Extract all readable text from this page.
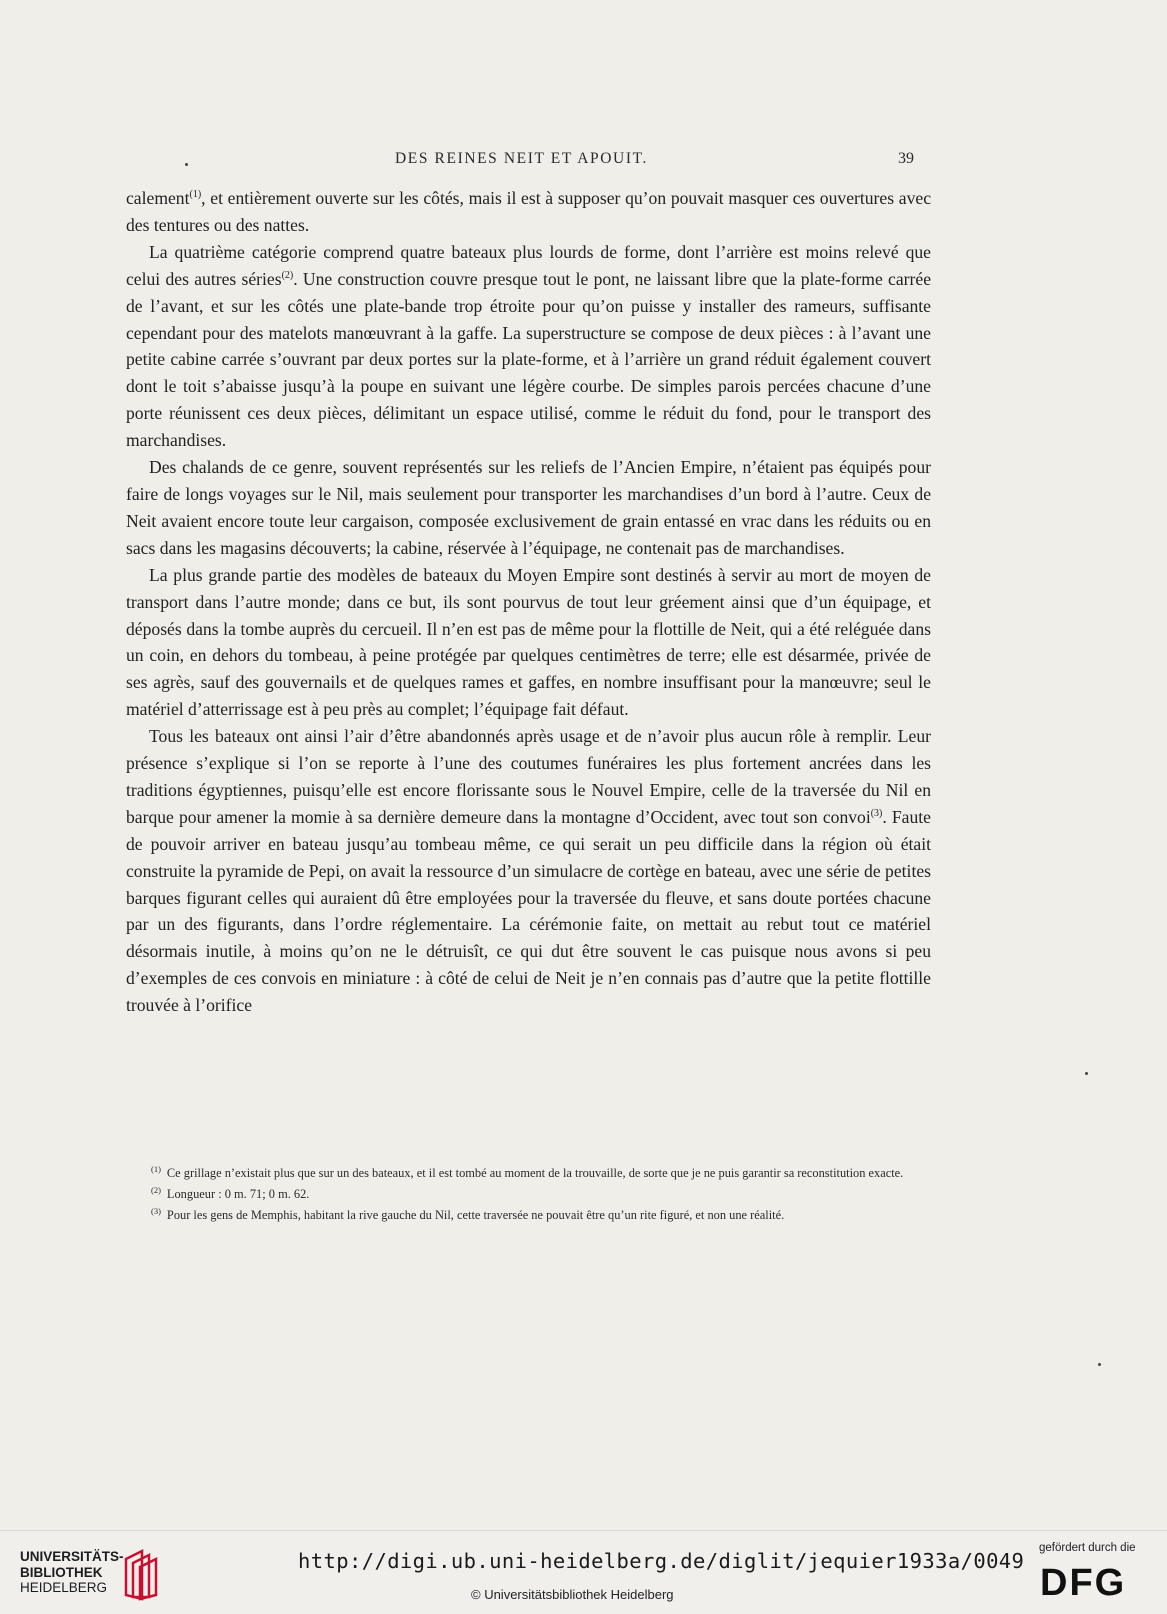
DES REINES NEIT ET APOUIT.	39

calement$^{(1)}$, et entièrement ouverte sur les côtés, mais il est à supposer qu’on pouvait masquer ces ouvertures avec des tentures ou des nattes.

La quatrième catégorie comprend quatre bateaux plus lourds de forme, dont l’arrière est moins relevé que celui des autres séries$^{(2)}$. Une construction couvre presque tout le pont, ne laissant libre que la plate-forme carrée de l’avant, et sur les côtés une plate-bande trop étroite pour qu’on puisse y installer des rameurs, suffisante cependant pour des matelots manœuvrant à la gaffe. La superstructure se compose de deux pièces : à l’avant une petite cabine carrée s’ouvrant par deux portes sur la plate-forme, et à l’arrière un grand réduit également couvert dont le toit s’abaisse jusqu’à la poupe en suivant une légère courbe. De simples parois percées chacune d’une porte réunissent ces deux pièces, délimitant un espace utilisé, comme le réduit du fond, pour le transport des marchandises.

Des chalands de ce genre, souvent représentés sur les reliefs de l’Ancien Empire, n’étaient pas équipés pour faire de longs voyages sur le Nil, mais seulement pour transporter les marchandises d’un bord à l’autre. Ceux de Neit avaient encore toute leur cargaison, composée exclusivement de grain entassé en vrac dans les réduits ou en sacs dans les magasins découverts; la cabine, réservée à l’équipage, ne contenait pas de marchandises.

La plus grande partie des modèles de bateaux du Moyen Empire sont destinés à servir au mort de moyen de transport dans l’autre monde; dans ce but, ils sont pourvus de tout leur gréement ainsi que d’un équipage, et déposés dans la tombe auprès du cercueil. Il n’en est pas de même pour la flottille de Neit, qui a été reléguée dans un coin, en dehors du tombeau, à peine protégée par quelques centimètres de terre; elle est désarmée, privée de ses agrès, sauf des gouvernails et de quelques rames et gaffes, en nombre insuffisant pour la manœuvre; seul le matériel d’atterrissage est à peu près au complet; l’équipage fait défaut.

Tous les bateaux ont ainsi l’air d’être abandonnés après usage et de n’avoir plus aucun rôle à remplir. Leur présence s’explique si l’on se reporte à l’une des coutumes funéraires les plus fortement ancrées dans les traditions égyptiennes, puisqu’elle est encore florissante sous le Nouvel Empire, celle de la traversée du Nil en barque pour amener la momie à sa dernière demeure dans la montagne d’Occident, avec tout son convoi$^{(3)}$. Faute de pouvoir arriver en bateau jusqu’au tombeau même, ce qui serait un peu difficile dans la région où était construite la pyramide de Pepi, on avait la ressource d’un simulacre de cortège en bateau, avec une série de petites barques figurant celles qui auraient dû être employées pour la traversée du fleuve, et sans doute portées chacune par un des figurants, dans l’ordre réglementaire. La cérémonie faite, on mettait au rebut tout ce matériel désormais inutile, à moins qu’on ne le détruisît, ce qui dut être souvent le cas puisque nous avons si peu d’exemples de ces convois en miniature : à côté de celui de Neit je n’en connais pas d’autre que la petite flottille trouvée à l’orifice

$^{(1)}$ Ce grillage n’existait plus que sur un des bateaux, et il est tombé au moment de la trouvaille, de sorte que je ne puis garantir sa reconstitution exacte.

$^{(2)}$ Longueur : 0 m. 71; 0 m. 62.

$^{(3)}$ Pour les gens de Memphis, habitant la rive gauche du Nil, cette traversée ne pouvait être qu’un rite figuré, et non une réalité.

UNIVERSITÄTS-
BIBLIOTHEK
HEIDELBERG
http://digi.ub.uni-heidelberg.de/diglit/jequier1933a/0049
© Universitätsbibliothek Heidelberg
gefördert durch die
DFG
